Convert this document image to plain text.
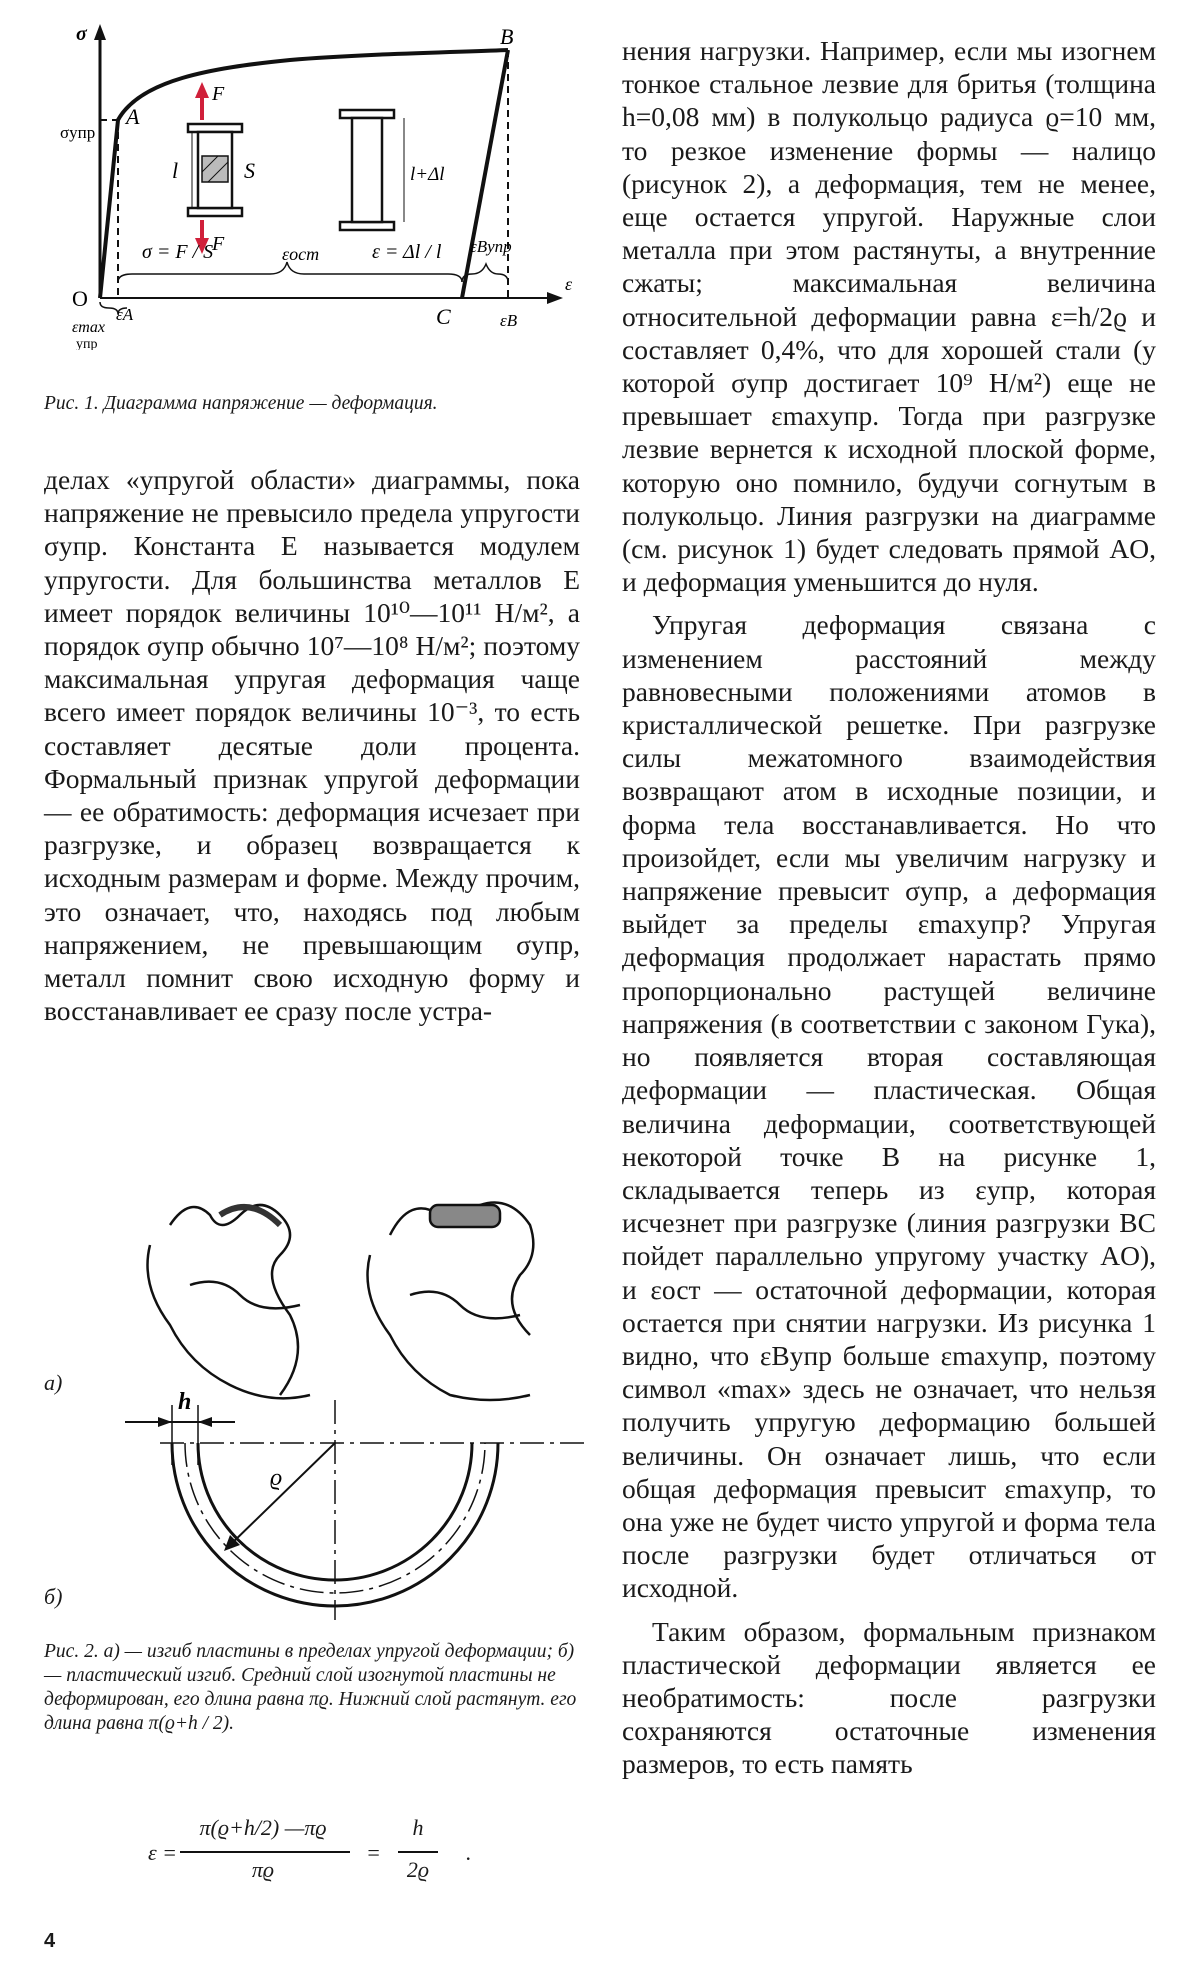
σ
ε
O
A
B
C
σупр
εA	εB
εmax
упр
εост	εBупр
F
F
l	S	l+Δl
σ = F / S	ε = Δl / l
Рис. 1. Диаграмма напряжение — деформация.

делах «упругой области» диаграммы, пока напряжение не превысило предела упругости σупр. Константа E называется модулем упругости. Для большинства металлов E имеет порядок величины 10¹⁰—10¹¹ Н/м², а порядок σупр обычно 10⁷—10⁸ Н/м²; поэтому максимальная упругая деформация чаще всего имеет порядок величины 10⁻³, то есть составляет десятые доли процента. Формальный признак упругой деформации — ее обратимость: деформация исчезает при разгрузке, и образец возвращается к исходным размерам и форме. Между прочим, это означает, что, находясь под любым напряжением, не превышающим σупр, металл помнит свою исходную форму и восстанавливает ее сразу после устра-

а)
h
ϱ
б)
Рис. 2. а) — изгиб пластины в пределах упругой деформации; б) — пластический изгиб. Средний слой изогнутой пластины не деформирован, его длина равна πϱ. Нижний слой растянут. его длина равна π(ϱ+h / 2).
ε =
π(ϱ+h/2) —πϱ
πϱ
=
h
2ϱ
.

нения нагрузки. Например, если мы изогнем тонкое стальное лезвие для бритья (толщина h=0,08 мм) в полукольцо радиуса ϱ=10 мм, то резкое изменение формы — налицо (рисунок 2), а деформация, тем не менее, еще остается упругой. Наружные слои металла при этом растянуты, а внутренние сжаты; максимальная величина относительной деформации равна ε=h/2ϱ и составляет 0,4%, что для хорошей стали (у которой σупр достигает 10⁹ Н/м²) еще не превышает εmaxупр. Тогда при разгрузке лезвие вернется к исходной плоской форме, которую оно помнило, будучи согнутым в полукольцо. Линия разгрузки на диаграмме (см. рисунок 1) будет следовать прямой AO, и деформация уменьшится до нуля.

Упругая деформация связана с изменением расстояний между равновесными положениями атомов в кристаллической решетке. При разгрузке силы межатомного взаимодействия возвращают атом в исходные позиции, и форма тела восстанавливается. Но что произойдет, если мы увеличим нагрузку и напряжение превысит σупр, а деформация выйдет за пределы εmaxупр? Упругая деформация продолжает нарастать прямо пропорционально растущей величине напряжения (в соответствии с законом Гука), но появляется вторая составляющая деформации — пластическая. Общая величина деформации, соответствующей некоторой точке B на рисунке 1, складывается теперь из εупр, которая исчезнет при разгрузке (линия разгрузки BC пойдет параллельно упругому участку AO), и εост — остаточной деформации, которая остается при снятии нагрузки. Из рисунка 1 видно, что εBупр больше εmaxупр, поэтому символ «max» здесь не означает, что нельзя получить упругую деформацию большей величины. Он означает лишь, что если общая деформация превысит εmaxупр, то она уже не будет чисто упругой и форма тела после разгрузки будет отличаться от исходной.

Таким образом, формальным признаком пластической деформации является ее необратимость: после разгрузки сохраняются остаточные изменения размеров, то есть память

4
